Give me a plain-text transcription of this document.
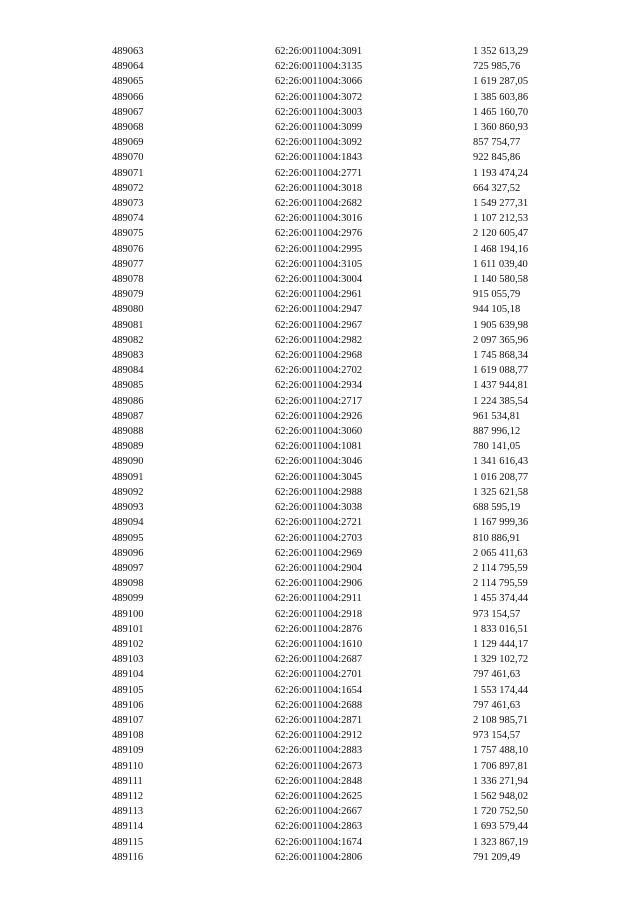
489063	62:26:0011004:3091	1 352 613,29
489064	62:26:0011004:3135	725 985,76
489065	62:26:0011004:3066	1 619 287,05
489066	62:26:0011004:3072	1 385 603,86
489067	62:26:0011004:3003	1 465 160,70
489068	62:26:0011004:3099	1 360 860,93
489069	62:26:0011004:3092	857 754,77
489070	62:26:0011004:1843	922 845,86
489071	62:26:0011004:2771	1 193 474,24
489072	62:26:0011004:3018	664 327,52
489073	62:26:0011004:2682	1 549 277,31
489074	62:26:0011004:3016	1 107 212,53
489075	62:26:0011004:2976	2 120 605,47
489076	62:26:0011004:2995	1 468 194,16
489077	62:26:0011004:3105	1 611 039,40
489078	62:26:0011004:3004	1 140 580,58
489079	62:26:0011004:2961	915 055,79
489080	62:26:0011004:2947	944 105,18
489081	62:26:0011004:2967	1 905 639,98
489082	62:26:0011004:2982	2 097 365,96
489083	62:26:0011004:2968	1 745 868,34
489084	62:26:0011004:2702	1 619 088,77
489085	62:26:0011004:2934	1 437 944,81
489086	62:26:0011004:2717	1 224 385,54
489087	62:26:0011004:2926	961 534,81
489088	62:26:0011004:3060	887 996,12
489089	62:26:0011004:1081	780 141,05
489090	62:26:0011004:3046	1 341 616,43
489091	62:26:0011004:3045	1 016 208,77
489092	62:26:0011004:2988	1 325 621,58
489093	62:26:0011004:3038	688 595,19
489094	62:26:0011004:2721	1 167 999,36
489095	62:26:0011004:2703	810 886,91
489096	62:26:0011004:2969	2 065 411,63
489097	62:26:0011004:2904	2 114 795,59
489098	62:26:0011004:2906	2 114 795,59
489099	62:26:0011004:2911	1 455 374,44
489100	62:26:0011004:2918	973 154,57
489101	62:26:0011004:2876	1 833 016,51
489102	62:26:0011004:1610	1 129 444,17
489103	62:26:0011004:2687	1 329 102,72
489104	62:26:0011004:2701	797 461,63
489105	62:26:0011004:1654	1 553 174,44
489106	62:26:0011004:2688	797 461,63
489107	62:26:0011004:2871	2 108 985,71
489108	62:26:0011004:2912	973 154,57
489109	62:26:0011004:2883	1 757 488,10
489110	62:26:0011004:2673	1 706 897,81
489111	62:26:0011004:2848	1 336 271,94
489112	62:26:0011004:2625	1 562 948,02
489113	62:26:0011004:2667	1 720 752,50
489114	62:26:0011004:2863	1 693 579,44
489115	62:26:0011004:1674	1 323 867,19
489116	62:26:0011004:2806	791 209,49
